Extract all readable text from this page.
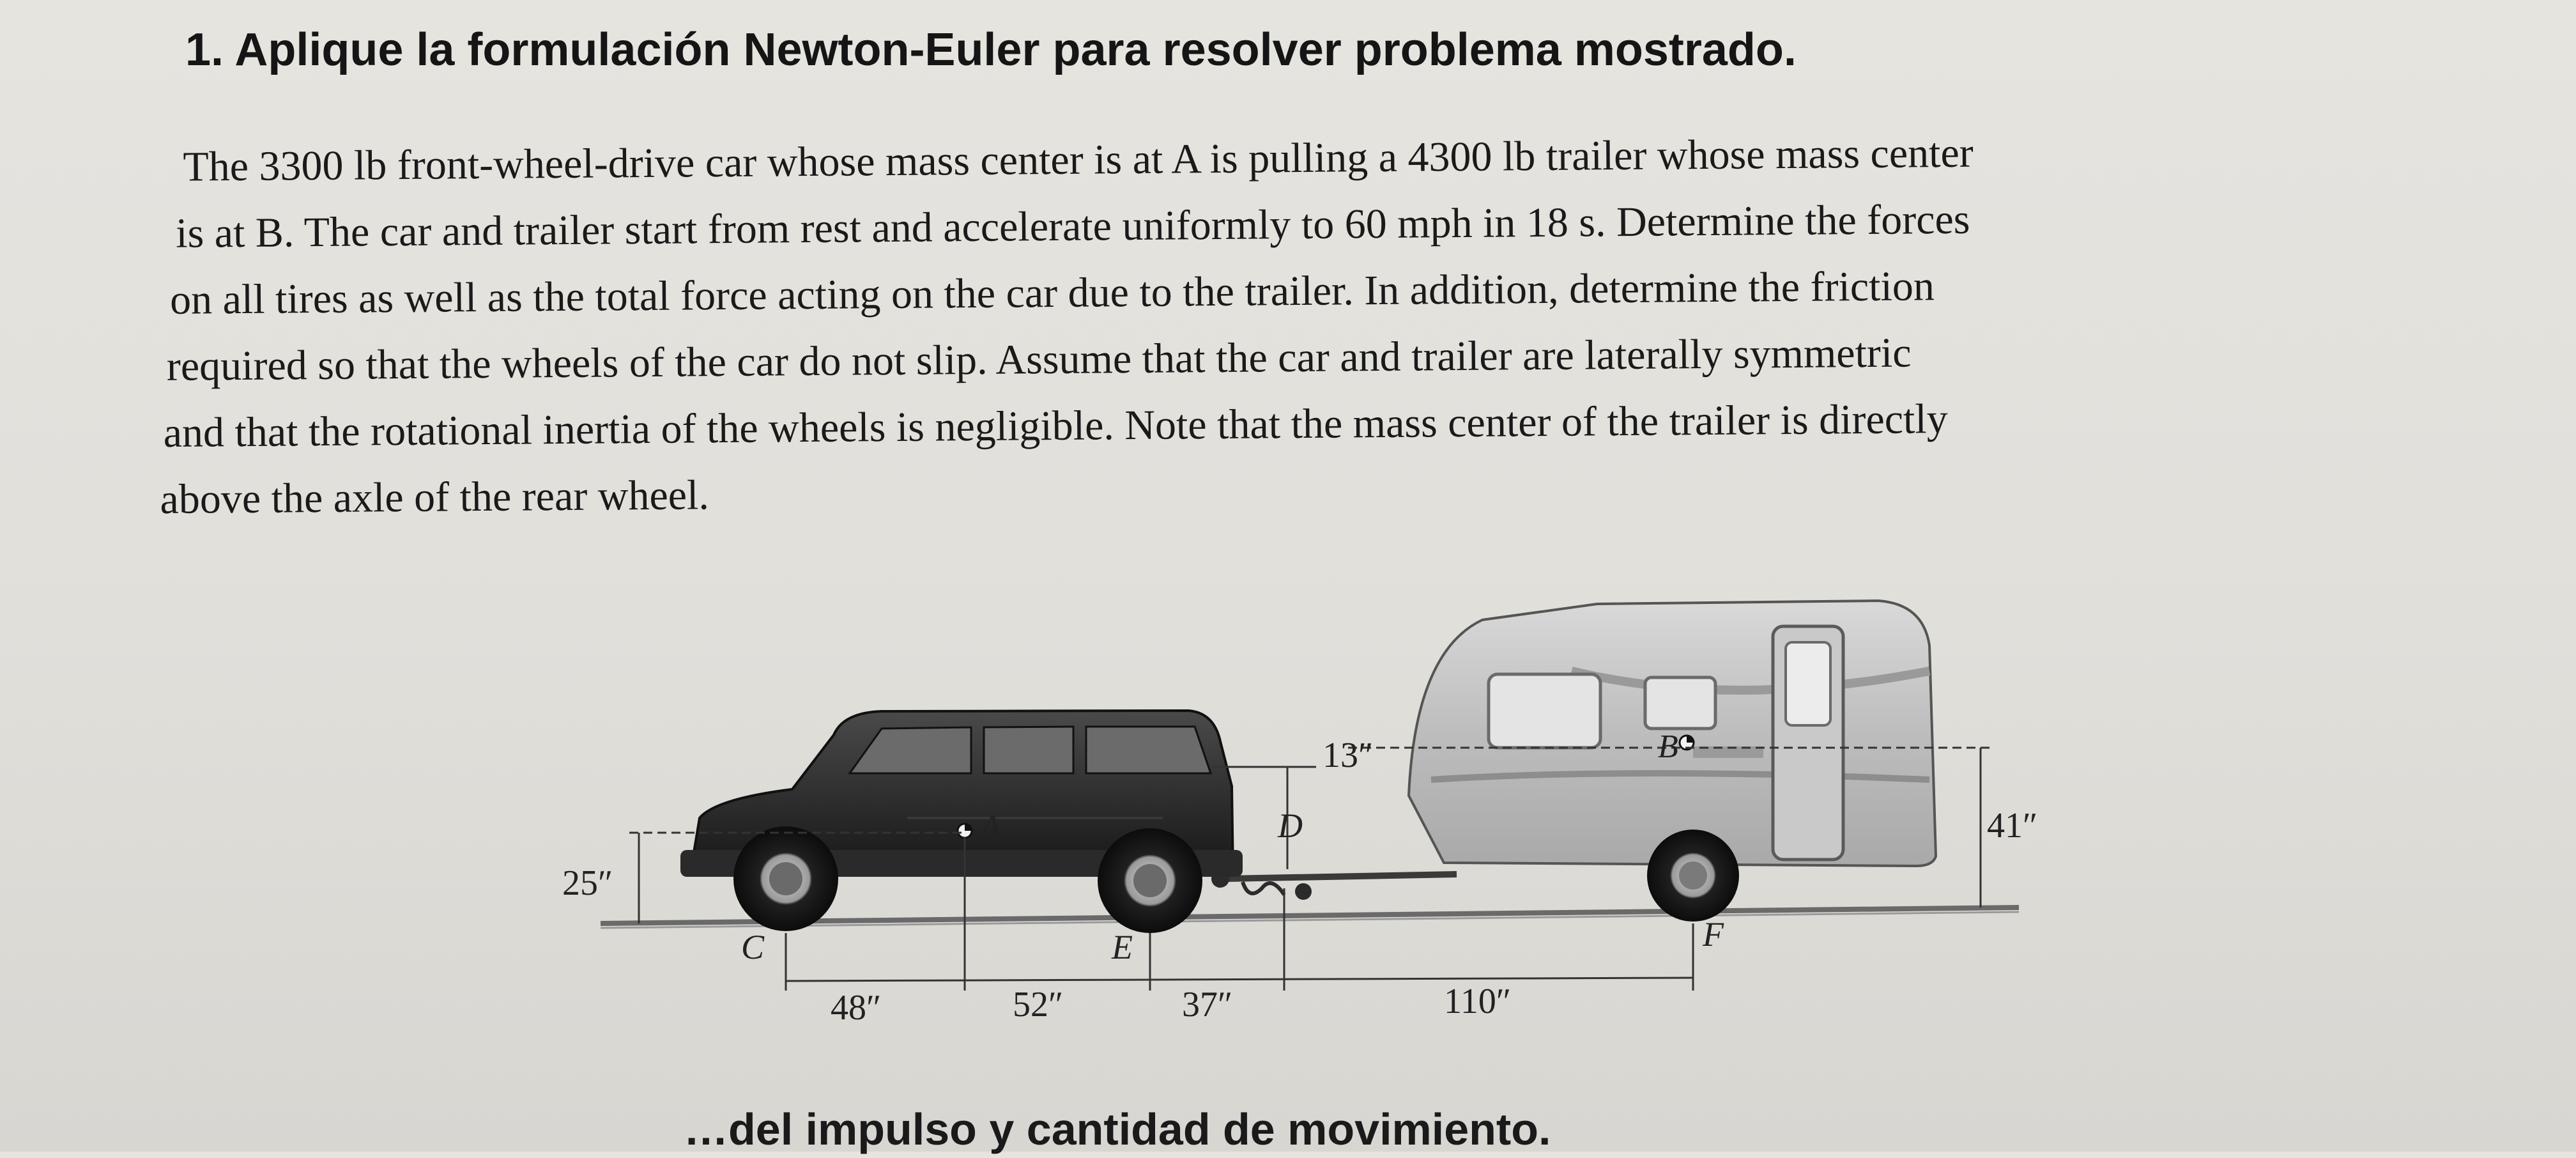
1. Aplique la formulación Newton-Euler para resolver problema mostrado.

The 3300 lb front-wheel-drive car whose mass center is at A is pulling a 4300 lb trailer whose mass center
is at B. The car and trailer start from rest and accelerate uniformly to 60 mph in 18 s. Determine the forces
on all tires as well as the total force acting on the car due to the trailer. In addition, determine the friction
required so that the wheels of the car do not slip. Assume that the car and trailer are laterally symmetric
and that the rotational inertia of the wheels is negligible. Note that the mass center of the trailer is directly
above the axle of the rear wheel.

A
B
C
D
E	F
25″
13″
41″
48″	52″	37″	110″

…del impulso y cantidad de movimiento.
